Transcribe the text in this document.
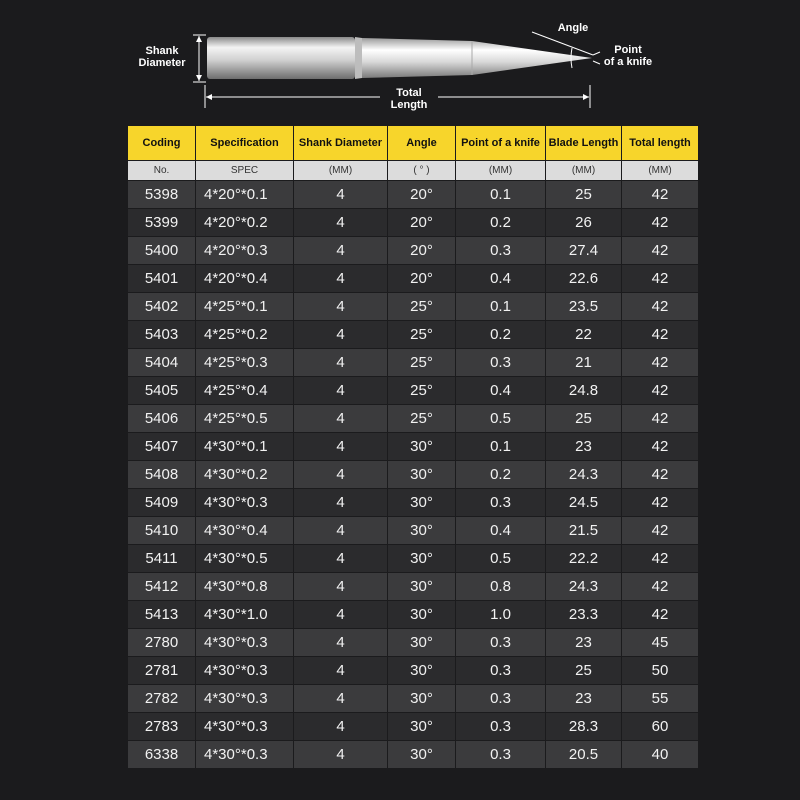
Shank
Diameter
Angle
Point
of a knife
Total
Length
Coding	Specification	Shank Diameter	Angle	Point of a knife	Blade Length	Total length
No.	SPEC	(MM)	( ° )	(MM)	(MM)	(MM)
5398	4*20°*0.1	4	20°	0.1	25	42
5399	4*20°*0.2	4	20°	0.2	26	42
5400	4*20°*0.3	4	20°	0.3	27.4	42
5401	4*20°*0.4	4	20°	0.4	22.6	42
5402	4*25°*0.1	4	25°	0.1	23.5	42
5403	4*25°*0.2	4	25°	0.2	22	42
5404	4*25°*0.3	4	25°	0.3	21	42
5405	4*25°*0.4	4	25°	0.4	24.8	42
5406	4*25°*0.5	4	25°	0.5	25	42
5407	4*30°*0.1	4	30°	0.1	23	42
5408	4*30°*0.2	4	30°	0.2	24.3	42
5409	4*30°*0.3	4	30°	0.3	24.5	42
5410	4*30°*0.4	4	30°	0.4	21.5	42
5411	4*30°*0.5	4	30°	0.5	22.2	42
5412	4*30°*0.8	4	30°	0.8	24.3	42
5413	4*30°*1.0	4	30°	1.0	23.3	42
2780	4*30°*0.3	4	30°	0.3	23	45
2781	4*30°*0.3	4	30°	0.3	25	50
2782	4*30°*0.3	4	30°	0.3	23	55
2783	4*30°*0.3	4	30°	0.3	28.3	60
6338	4*30°*0.3	4	30°	0.3	20.5	40
